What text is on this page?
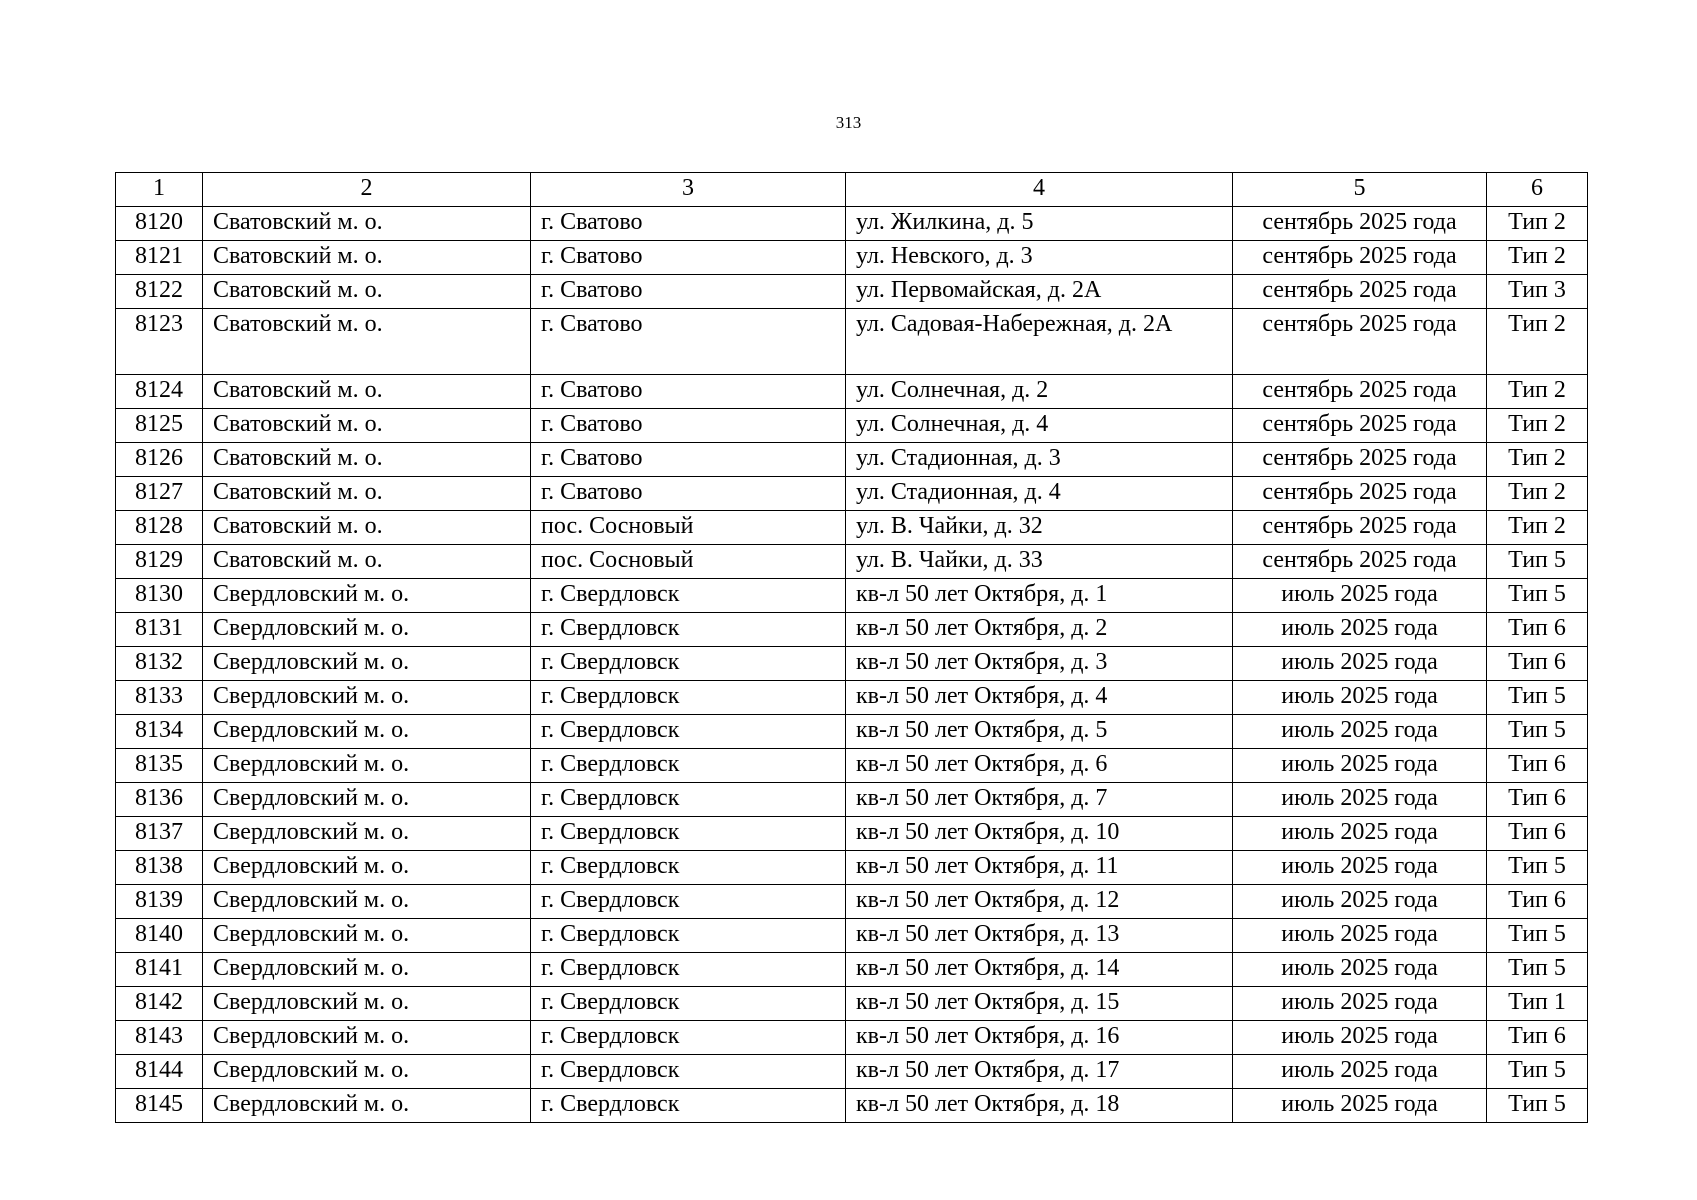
313
1	2	3	4	5	6
8120	Сватовский м. о.	г. Сватово	ул. Жилкина, д. 5	сентябрь 2025 года	Тип 2
8121	Сватовский м. о.	г. Сватово	ул. Невского, д. 3	сентябрь 2025 года	Тип 2
8122	Сватовский м. о.	г. Сватово	ул. Первомайская, д. 2А	сентябрь 2025 года	Тип 3
8123	Сватовский м. о.	г. Сватово	ул. Садовая-Набережная, д. 2А	сентябрь 2025 года	Тип 2
8124	Сватовский м. о.	г. Сватово	ул. Солнечная, д. 2	сентябрь 2025 года	Тип 2
8125	Сватовский м. о.	г. Сватово	ул. Солнечная, д. 4	сентябрь 2025 года	Тип 2
8126	Сватовский м. о.	г. Сватово	ул. Стадионная, д. 3	сентябрь 2025 года	Тип 2
8127	Сватовский м. о.	г. Сватово	ул. Стадионная, д. 4	сентябрь 2025 года	Тип 2
8128	Сватовский м. о.	пос. Сосновый	ул. В. Чайки, д. 32	сентябрь 2025 года	Тип 2
8129	Сватовский м. о.	пос. Сосновый	ул. В. Чайки, д. 33	сентябрь 2025 года	Тип 5
8130	Свердловский м. о.	г. Свердловск	кв-л 50 лет Октября, д. 1	июль 2025 года	Тип 5
8131	Свердловский м. о.	г. Свердловск	кв-л 50 лет Октября, д. 2	июль 2025 года	Тип 6
8132	Свердловский м. о.	г. Свердловск	кв-л 50 лет Октября, д. 3	июль 2025 года	Тип 6
8133	Свердловский м. о.	г. Свердловск	кв-л 50 лет Октября, д. 4	июль 2025 года	Тип 5
8134	Свердловский м. о.	г. Свердловск	кв-л 50 лет Октября, д. 5	июль 2025 года	Тип 5
8135	Свердловский м. о.	г. Свердловск	кв-л 50 лет Октября, д. 6	июль 2025 года	Тип 6
8136	Свердловский м. о.	г. Свердловск	кв-л 50 лет Октября, д. 7	июль 2025 года	Тип 6
8137	Свердловский м. о.	г. Свердловск	кв-л 50 лет Октября, д. 10	июль 2025 года	Тип 6
8138	Свердловский м. о.	г. Свердловск	кв-л 50 лет Октября, д. 11	июль 2025 года	Тип 5
8139	Свердловский м. о.	г. Свердловск	кв-л 50 лет Октября, д. 12	июль 2025 года	Тип 6
8140	Свердловский м. о.	г. Свердловск	кв-л 50 лет Октября, д. 13	июль 2025 года	Тип 5
8141	Свердловский м. о.	г. Свердловск	кв-л 50 лет Октября, д. 14	июль 2025 года	Тип 5
8142	Свердловский м. о.	г. Свердловск	кв-л 50 лет Октября, д. 15	июль 2025 года	Тип 1
8143	Свердловский м. о.	г. Свердловск	кв-л 50 лет Октября, д. 16	июль 2025 года	Тип 6
8144	Свердловский м. о.	г. Свердловск	кв-л 50 лет Октября, д. 17	июль 2025 года	Тип 5
8145	Свердловский м. о.	г. Свердловск	кв-л 50 лет Октября, д. 18	июль 2025 года	Тип 5
